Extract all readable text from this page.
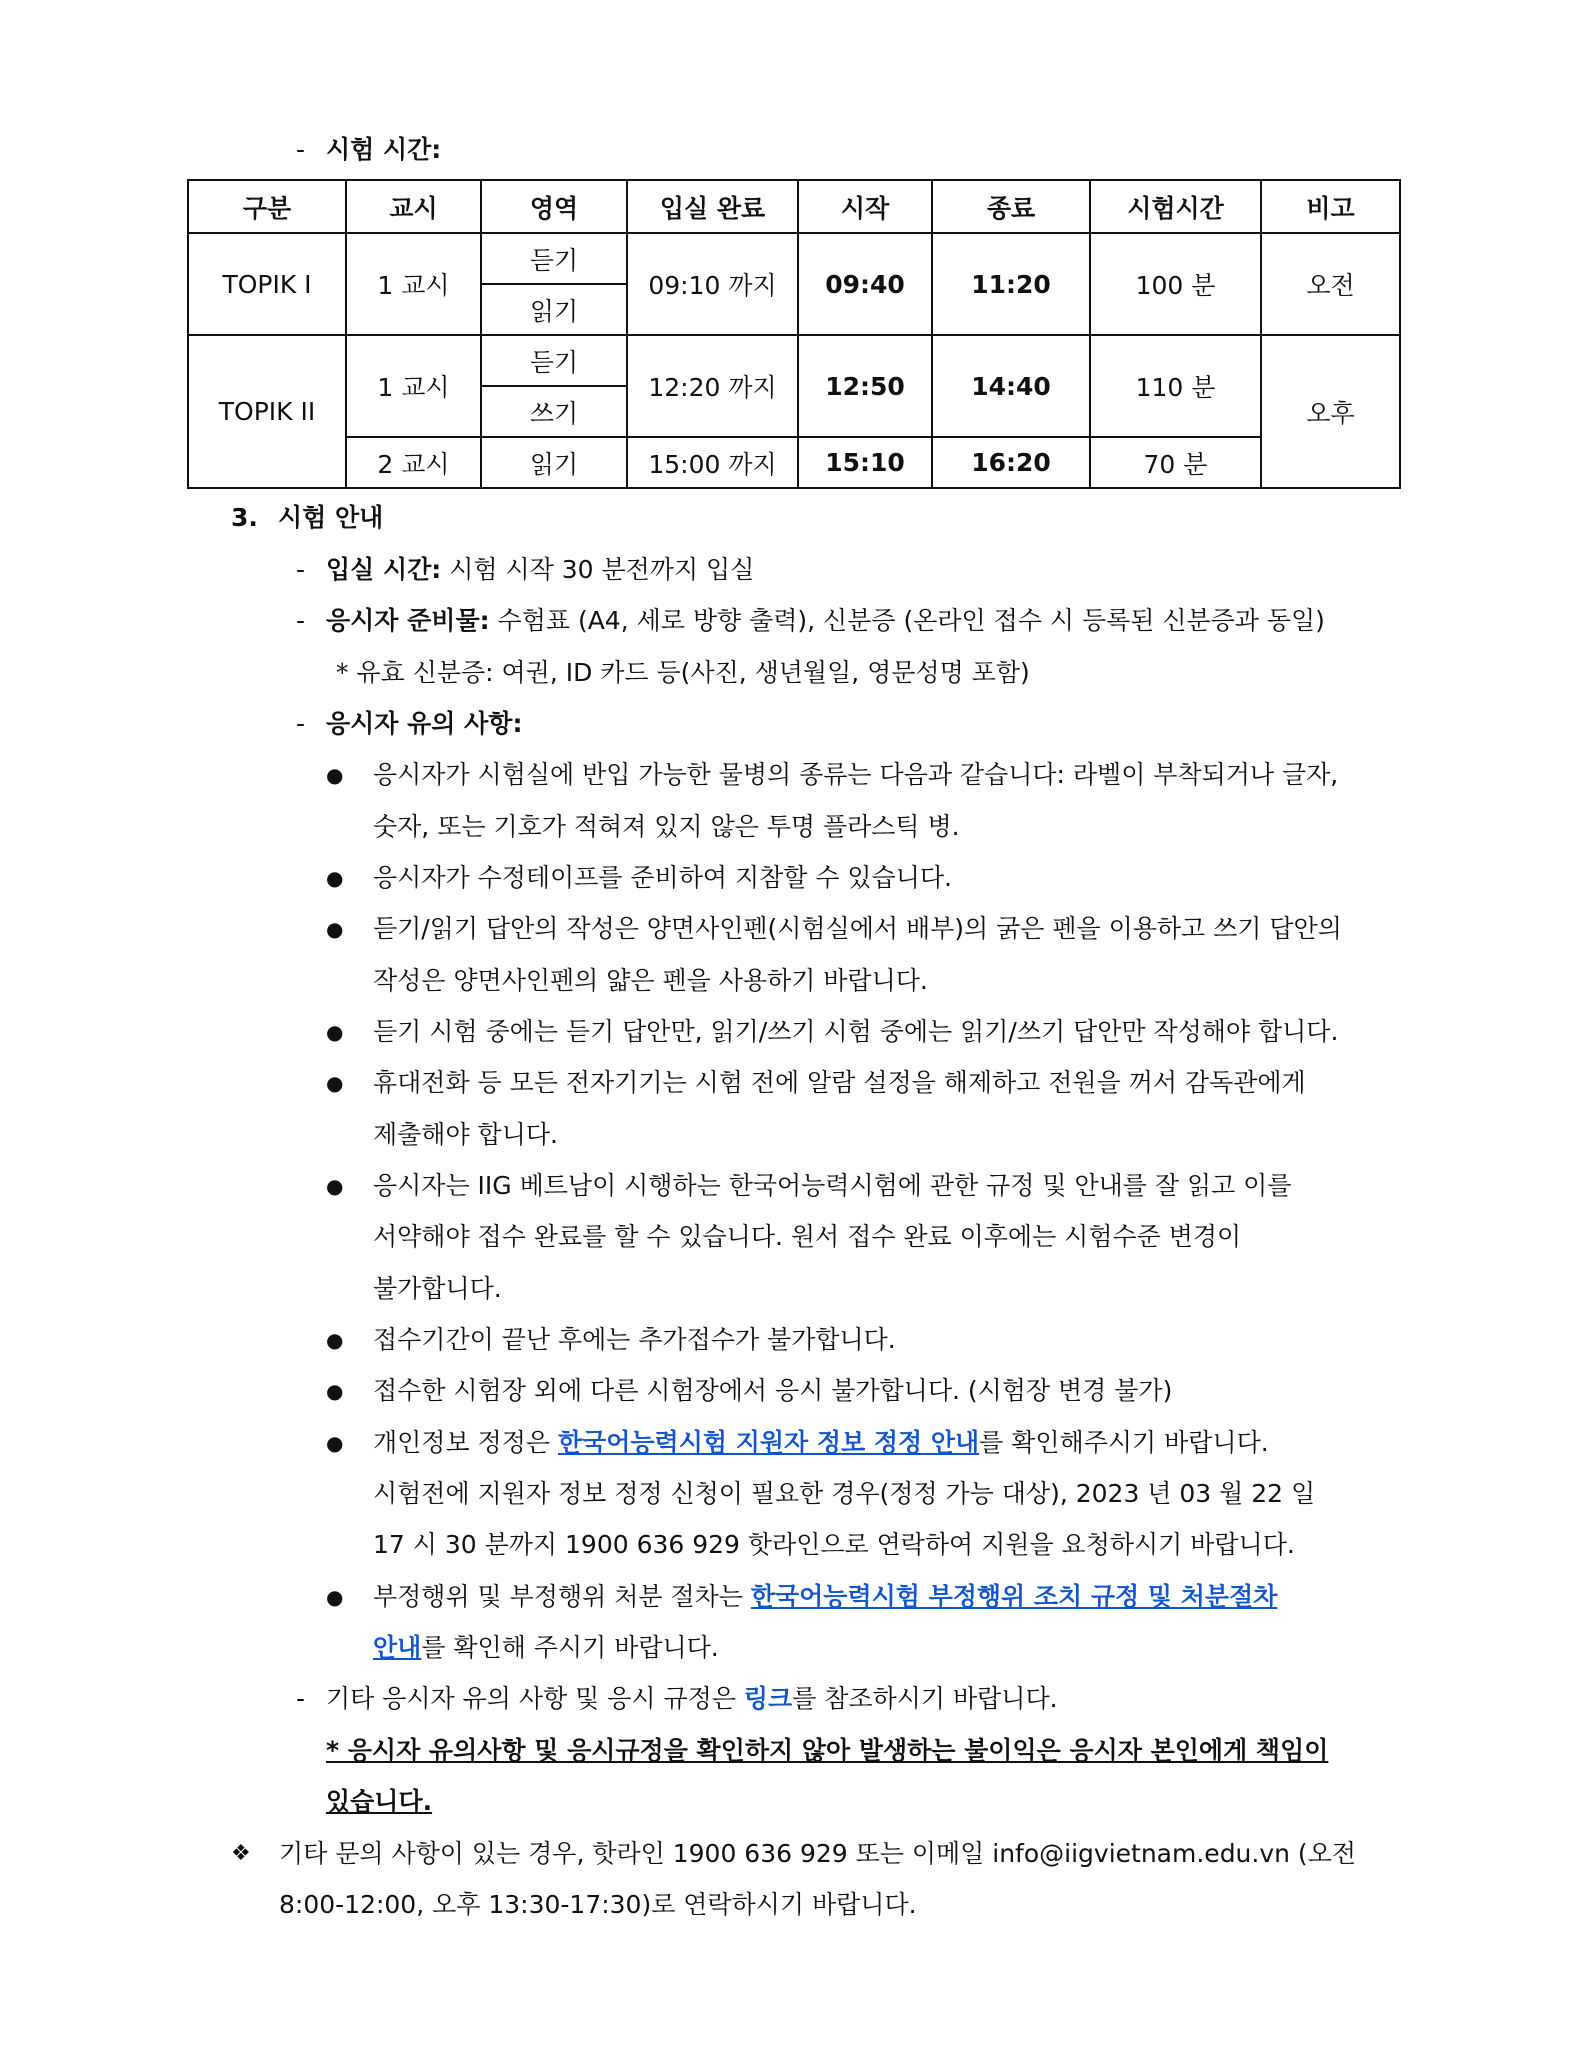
- 시험 시간:
구분	교시	영역	입실 완료	시작	종료	시험시간	비고
TOPIK I	1 교시	듣기	09:10 까지	09:40	11:20	100 분	오전
		읽기					
TOPIK II	1 교시	듣기	12:20 까지	12:50	14:40	110 분	오후
		쓰기					
	2 교시	읽기	15:00 까지	15:10	16:20	70 분	
3. 시험 안내
- 입실 시간: 시험 시작 30 분전까지 입실
- 응시자 준비물: 수험표 (A4, 세로 방향 출력), 신분증 (온라인 접수 시 등록된 신분증과 동일)
* 유효 신분증: 여권, ID 카드 등(사진, 생년월일, 영문성명 포함)
- 응시자 유의 사항:
● 응시자가 시험실에 반입 가능한 물병의 종류는 다음과 같습니다: 라벨이 부착되거나 글자,
숫자, 또는 기호가 적혀져 있지 않은 투명 플라스틱 병.
● 응시자가 수정테이프를 준비하여 지참할 수 있습니다.
● 듣기/읽기 답안의 작성은 양면사인펜(시험실에서 배부)의 굵은 펜을 이용하고 쓰기 답안의
작성은 양면사인펜의 얇은 펜을 사용하기 바랍니다.
● 듣기 시험 중에는 듣기 답안만, 읽기/쓰기 시험 중에는 읽기/쓰기 답안만 작성해야 합니다.
● 휴대전화 등 모든 전자기기는 시험 전에 알람 설정을 해제하고 전원을 꺼서 감독관에게
제출해야 합니다.
● 응시자는 IIG 베트남이 시행하는 한국어능력시험에 관한 규정 및 안내를 잘 읽고 이를
서약해야 접수 완료를 할 수 있습니다. 원서 접수 완료 이후에는 시험수준 변경이
불가합니다.
● 접수기간이 끝난 후에는 추가접수가 불가합니다.
● 접수한 시험장 외에 다른 시험장에서 응시 불가합니다. (시험장 변경 불가)
● 개인정보 정정은 한국어능력시험 지원자 정보 정정 안내를 확인해주시기 바랍니다.
시험전에 지원자 정보 정정 신청이 필요한 경우(정정 가능 대상), 2023 년 03 월 22 일
17 시 30 분까지 1900 636 929 핫라인으로 연락하여 지원을 요청하시기 바랍니다.
● 부정행위 및 부정행위 처분 절차는 한국어능력시험 부정행위 조치 규정 및 처분절차
안내를 확인해 주시기 바랍니다.
- 기타 응시자 유의 사항 및 응시 규정은 링크를 참조하시기 바랍니다.
* 응시자 유의사항 및 응시규정을 확인하지 않아 발생하는 불이익은 응시자 본인에게 책임이
있습니다.
❖ 기타 문의 사항이 있는 경우, 핫라인 1900 636 929 또는 이메일 info@iigvietnam.edu.vn (오전
8:00-12:00, 오후 13:30-17:30)로 연락하시기 바랍니다.
